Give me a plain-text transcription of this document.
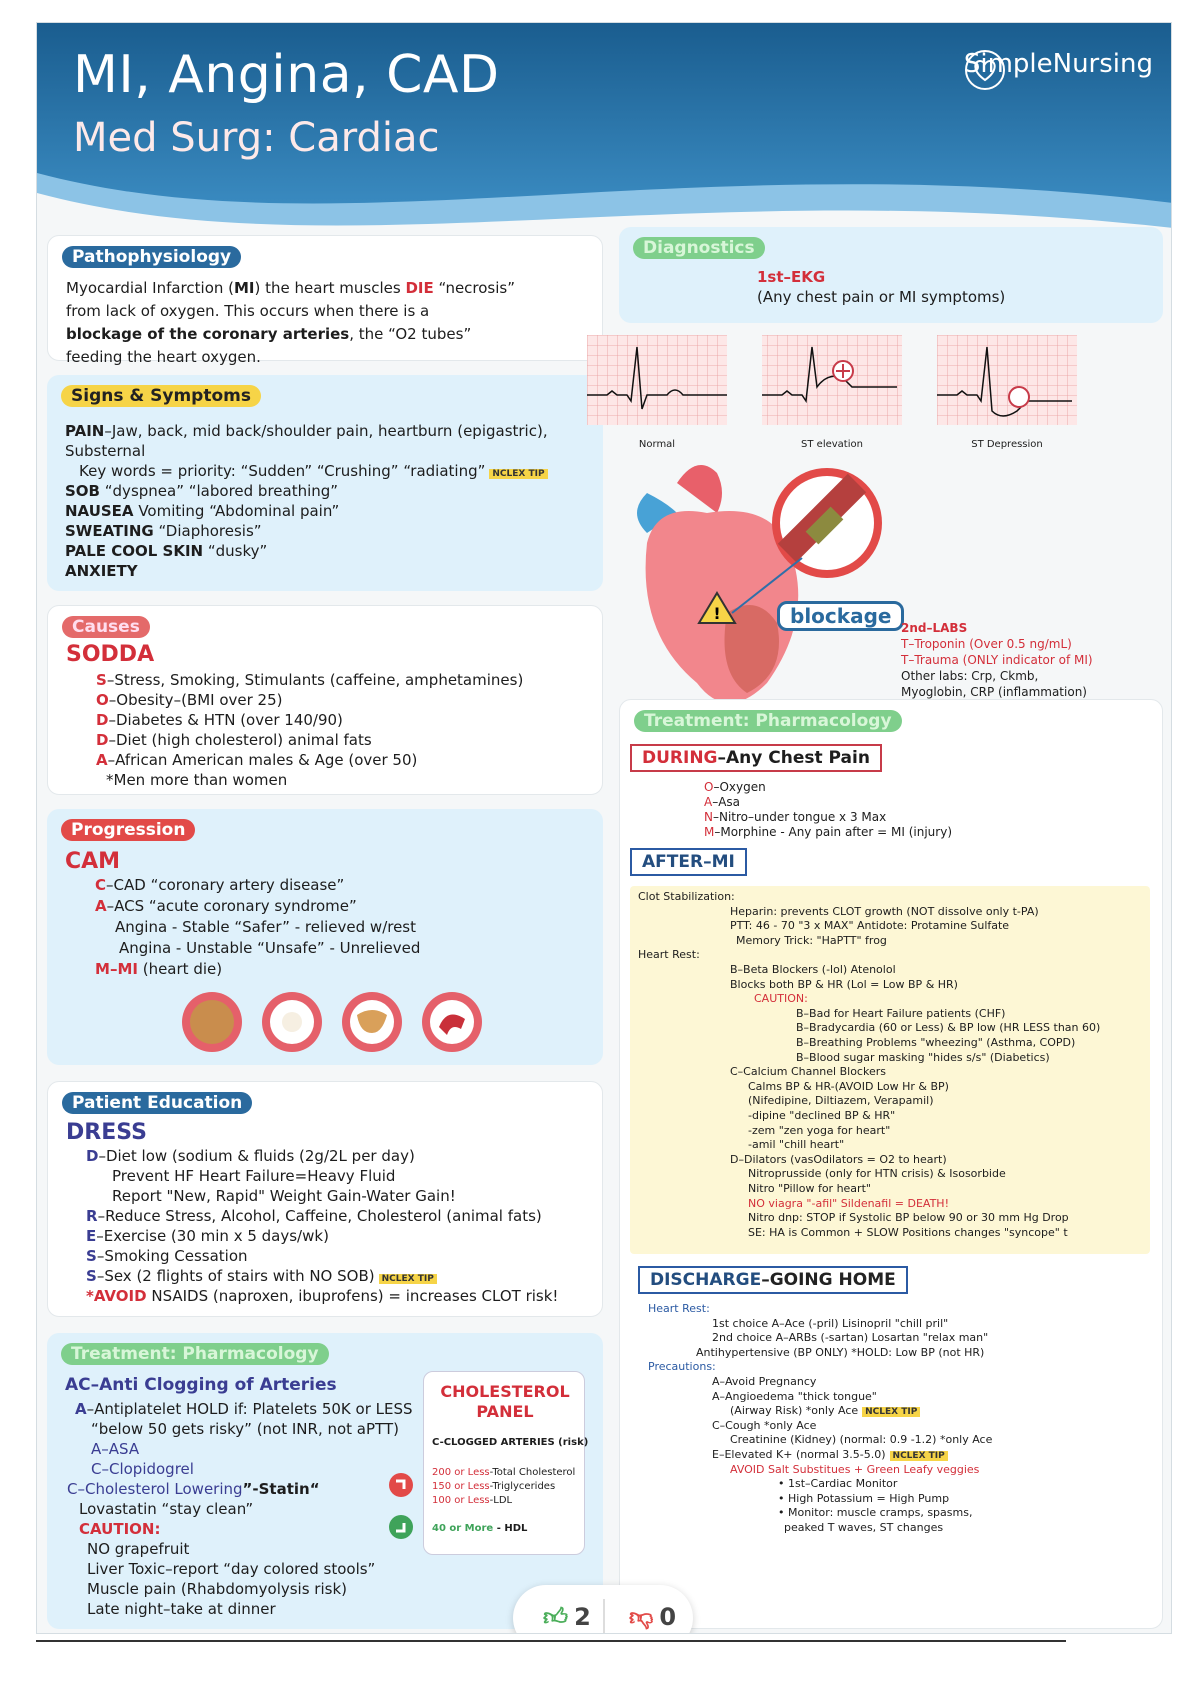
MI, Angina, CAD
Med Surg: Cardiac
SimpleNursing
Pathophysiology
Myocardial Infarction (MI) the heart muscles DIE “necrosis”
from lack of oxygen. This occurs when there is a
blockage of the coronary arteries, the “O2 tubes”
feeding the heart oxygen.
Signs & Symptoms
PAIN–Jaw, back, mid back/shoulder pain, heartburn (epigastric),
Substernal
Key words = priority: “Sudden” “Crushing” “radiating” NCLEX TIP
SOB “dyspnea” “labored breathing”
NAUSEA Vomiting “Abdominal pain”
SWEATING “Diaphoresis”
PALE COOL SKIN “dusky”
ANXIETY
Causes
SODDA
S–Stress, Smoking, Stimulants (caffeine, amphetamines)
O–Obesity–(BMI over 25)
D–Diabetes & HTN (over 140/90)
D–Diet (high cholesterol) animal fats
A–African American males & Age (over 50)
*Men more than women
Progression
CAM
C–CAD “coronary artery disease”
A–ACS “acute coronary syndrome”
Angina - Stable “Safer” - relieved w/rest
Angina - Unstable “Unsafe” - Unrelieved
M–MI (heart die)
Patient Education
DRESS
D–Diet low (sodium & fluids (2g/2L per day)
Prevent HF Heart Failure=Heavy Fluid
Report "New, Rapid" Weight Gain-Water Gain!
R–Reduce Stress, Alcohol, Caffeine, Cholesterol (animal fats)
E–Exercise (30 min x 5 days/wk)
S–Smoking Cessation
S–Sex (2 flights of stairs with NO SOB) NCLEX TIP
*AVOID NSAIDS (naproxen, ibuprofens) = increases CLOT risk!
Treatment: Pharmacology
AC–Anti Clogging of Arteries
A–Antiplatelet HOLD if: Platelets 50K or LESS
“below 50 gets risky” (not INR, not aPTT)
A–ASA
C–Clopidogrel
C–Cholesterol Lowering”-Statin“
Lovastatin “stay clean”
CAUTION:
NO grapefruit
Liver Toxic–report “day colored stools”
Muscle pain (Rhabdomyolysis risk)
Late night–take at dinner
CHOLESTEROL
PANEL
C-CLOGGED ARTERIES (risk)
200 or Less-Total Cholesterol
150 or Less-Triglycerides
100 or Less-LDL
40 or More - HDL
Diagnostics
1st–EKG
(Any chest pain or MI symptoms)
Normal	ST elevation	ST Depression
!	blockage 2nd–LABS
T–Troponin (Over 0.5 ng/mL)
T–Trauma (ONLY indicator of MI)
Other labs: Crp, Ckmb,
Myoglobin, CRP (inflammation)
Treatment: Pharmacology
DURING–Any Chest Pain
O–Oxygen
A–Asa
N–Nitro–under tongue x 3 Max
M–Morphine - Any pain after = MI (injury)
AFTER–MI
Clot Stabilization:
Heparin: prevents CLOT growth (NOT dissolve only t-PA)
PTT: 46 - 70 "3 x MAX" Antidote: Protamine Sulfate
Memory Trick: "HaPTT" frog
Heart Rest:
B–Beta Blockers (-lol) Atenolol
Blocks both BP & HR (Lol = Low BP & HR)
CAUTION:
B–Bad for Heart Failure patients (CHF)
B–Bradycardia (60 or Less) & BP low (HR LESS than 60)
B–Breathing Problems "wheezing" (Asthma, COPD)
B–Blood sugar masking "hides s/s" (Diabetics)
C–Calcium Channel Blockers
Calms BP & HR-(AVOID Low Hr & BP)
(Nifedipine, Diltiazem, Verapamil)
-dipine "declined BP & HR"
-zem "zen yoga for heart"
-amil "chill heart"
D–Dilators (vasOdilators = O2 to heart)
Nitroprusside (only for HTN crisis) & Isosorbide
Nitro "Pillow for heart"
NO viagra "-afil" Sildenafil = DEATH!
Nitro dnp: STOP if Systolic BP below 90 or 30 mm Hg Drop
SE: HA is Common + SLOW Positions changes "syncope" t
DISCHARGE–GOING HOME
Heart Rest:
1st choice A–Ace (-pril) Lisinopril "chill pril"
2nd choice A–ARBs (-sartan) Losartan "relax man"
Antihypertensive (BP ONLY) *HOLD: Low BP (not HR)
Precautions:
A–Avoid Pregnancy
A–Angioedema "thick tongue"
(Airway Risk) *only Ace NCLEX TIP
C–Cough *only Ace
Creatinine (Kidney) (normal: 0.9 -1.2) *only Ace
E–Elevated K+ (normal 3.5-5.0) NCLEX TIP
AVOID Salt Substitues + Green Leafy veggies
• 1st–Cardiac Monitor
• High Potassium = High Pump
• Monitor: muscle cramps, spasms,
peaked T waves, ST changes
👍︎ 2 👎︎ 0
